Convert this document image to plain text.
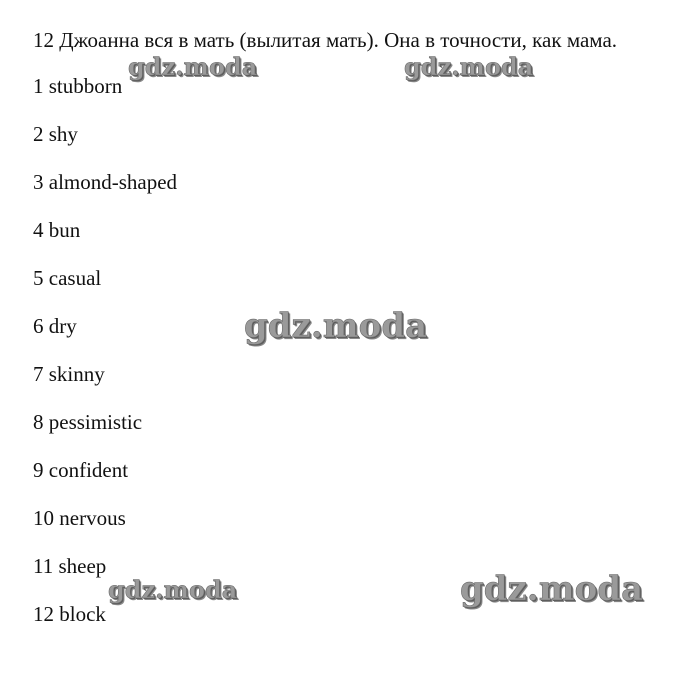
12 Джоанна вся в мать (вылитая мать). Она в точности, как мама.
1 stubborn
2 shy
3 almond-shaped
4 bun
5 casual
6 dry
7 skinny
8 pessimistic
9 confident
10 nervous
11 sheep
12 block
gdz.moda	gdz.moda
gdz.moda
gdz.moda	gdz.moda
